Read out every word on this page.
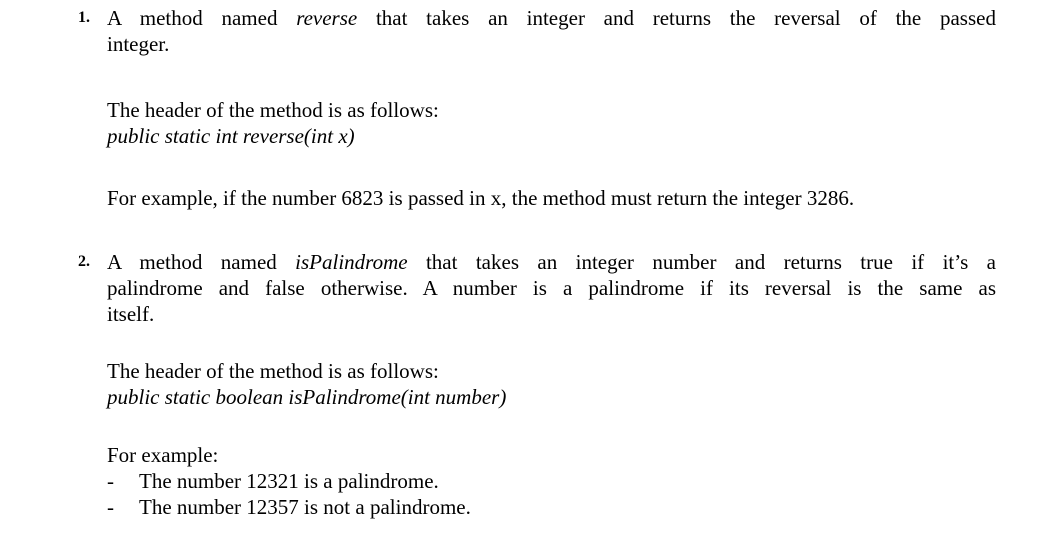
1. A method named reverse that takes an integer and returns the reversal of the passed
integer.
The header of the method is as follows:
public static int reverse(int x)
For example, if the number 6823 is passed in x, the method must return the integer 3286.
2. A method named isPalindrome that takes an integer number and returns true if it’s a
palindrome and false otherwise. A number is a palindrome if its reversal is the same as
itself.
The header of the method is as follows:
public static boolean isPalindrome(int number)
For example:
- The number 12321 is a palindrome.
- The number 12357 is not a palindrome.
